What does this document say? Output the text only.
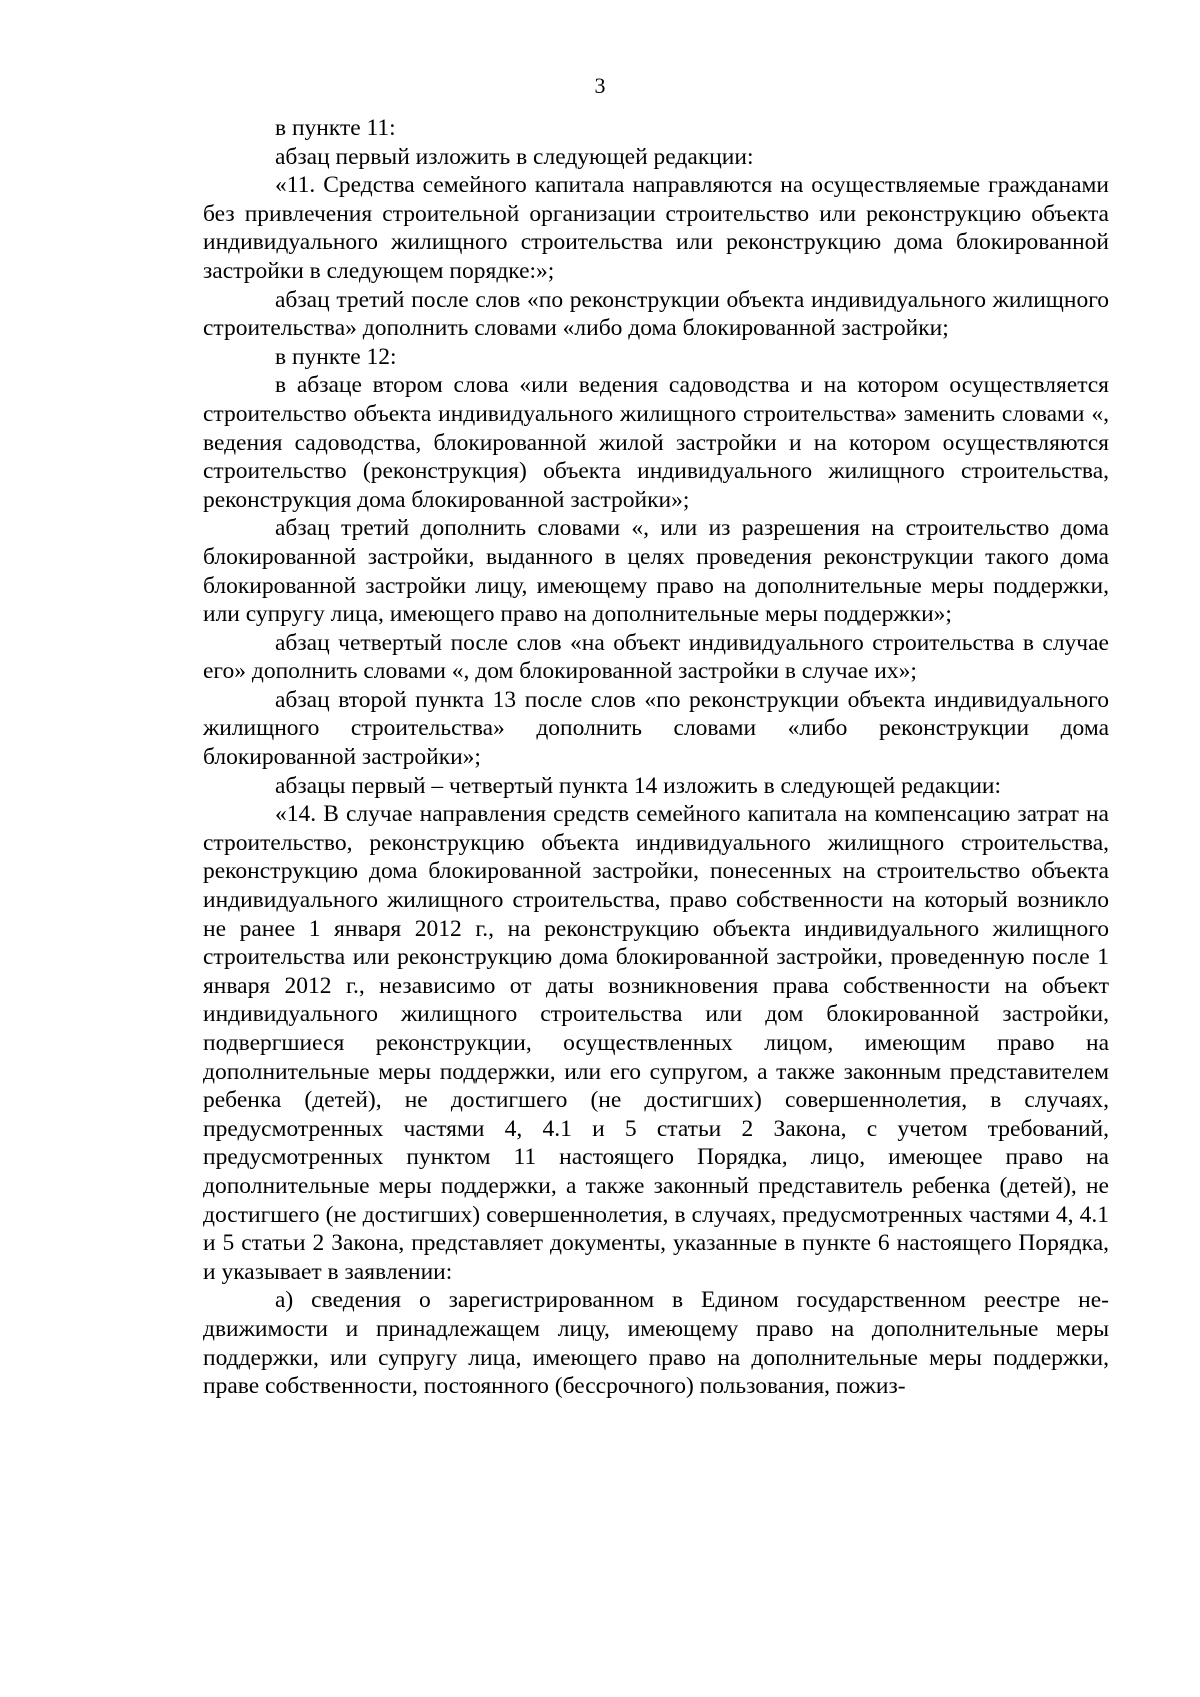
3

в пункте 11:

абзац первый изложить в следующей редакции:

«11. Средства семейного капитала направляются на осуществляемые гражданами без привлечения строительной организации строительство или реконструкцию объекта индивидуального жилищного строительства или реконструкцию дома блокированной застройки в следующем порядке:»;

абзац третий после слов «по реконструкции объекта индивидуального жилищного строительства» дополнить словами «либо дома блокированной застройки;

в пункте 12:

в абзаце втором слова «или ведения садоводства и на котором осуществляется строительство объекта индивидуального жилищного строительства» заменить словами «, ведения садоводства, блокированной жилой застройки и на котором осуществляются строительство (реконструкция) объекта индивидуального жилищного строительства, реконструкция дома блокированной застройки»;

абзац третий дополнить словами «, или из разрешения на строительство дома блокированной застройки, выданного в целях проведения реконструкции такого дома блокированной застройки лицу, имеющему право на дополнительные меры поддержки, или супругу лица, имеющего право на дополнительные меры поддержки»;

абзац четвертый после слов «на объект индивидуального строительства в случае его» дополнить словами «, дом блокированной застройки в случае их»;

абзац второй пункта 13 после слов «по реконструкции объекта индивидуального жилищного строительства» дополнить словами «либо реконструкции дома блокированной застройки»;

абзацы первый – четвертый пункта 14 изложить в следующей редакции:

«14. В случае направления средств семейного капитала на компенсацию затрат на строительство, реконструкцию объекта индивидуального жилищного строительства, реконструкцию дома блокированной застройки, понесенных на строительство объекта индивидуального жилищного строительства, право собственности на который возникло не ранее 1 января 2012 г., на реконструкцию объекта индивидуального жилищного строительства или реконструкцию дома блокированной застройки, проведенную после 1 января 2012 г., независимо от даты возникновения права собственности на объект индивидуального жилищного строительства или дом блокированной застройки, подвергшиеся реконструкции, осуществленных лицом, имеющим право на дополнительные меры поддержки, или его супругом, а также законным представителем ребенка (детей), не достигшего (не достигших) совершеннолетия, в случаях, предусмотренных частями 4, 4.1 и 5 статьи 2 Закона, с учетом требований, предусмотренных пунктом 11 настоящего Порядка, лицо, имеющее право на дополнительные меры поддержки, а также законный представитель ребенка (детей), не достигшего (не достигших) совершеннолетия, в случаях, предусмотренных частями 4, 4.1 и 5 статьи 2 Закона, представляет документы, указанные в пункте 6 настоящего Порядка, и указывает в заявлении:

а) сведения о зарегистрированном в Едином государственном реестре недвижимости и принадлежащем лицу, имеющему право на дополнительные меры поддержки, или супругу лица, имеющего право на дополнительные меры поддержки, праве собственности, постоянного (бессрочного) пользования, пожиз-
